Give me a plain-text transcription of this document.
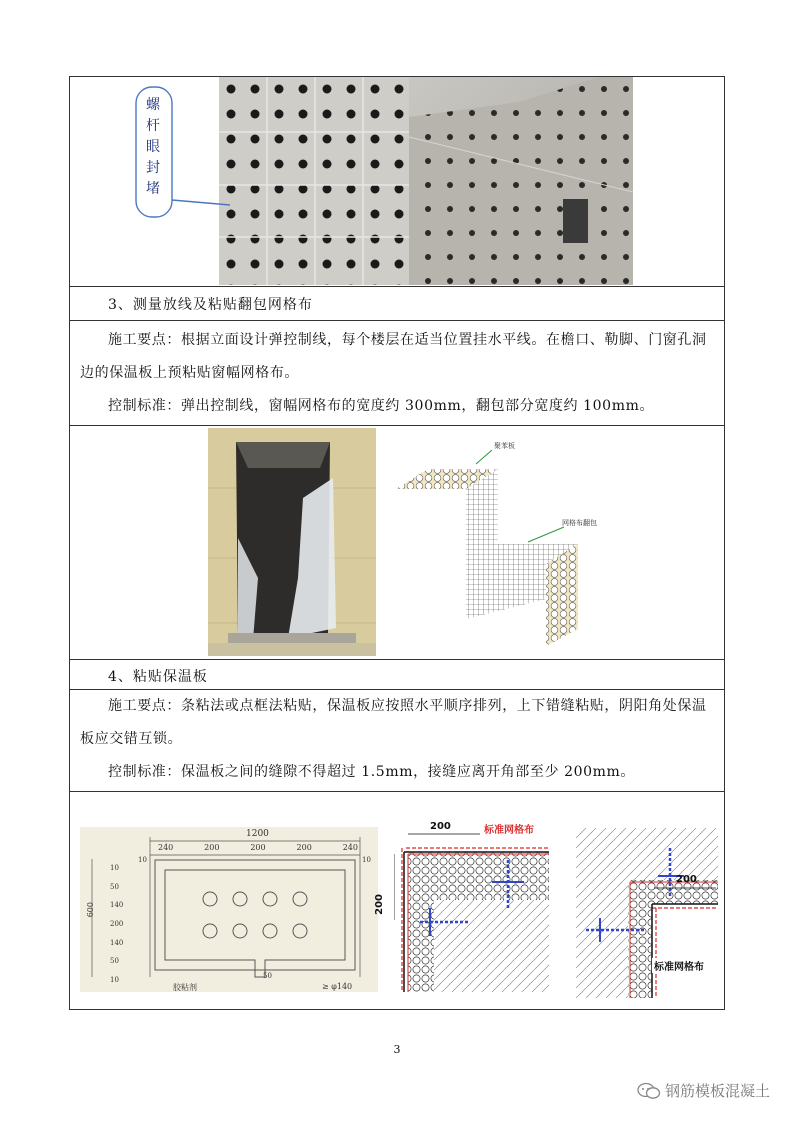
螺杆眼封堵
3、测量放线及粘贴翻包网格布

施工要点：根据立面设计弹控制线，每个楼层在适当位置挂水平线。在檐口、勒脚、门窗孔洞边的保温板上预粘贴窗幅网格布。

控制标准：弹出控制线，窗幅网格布的宽度约 300mm，翻包部分宽度约 100mm。

聚苯板
网格布翻包
4、粘贴保温板

施工要点：条粘法或点框法粘贴，保温板应按照水平顺序排列，上下错缝粘贴，阴阳角处保温板应交错互锁。

控制标准：保温板之间的缝隙不得超过 1.5mm，接缝应离开角部至少 200mm。

1200
240	200	200	200	240
10	10
600
10
50
140
200
140
50
10	50
胶粘剂	≥ φ140
200
200
标准网格布
200
标准网格布
3
钢筋模板混凝土
